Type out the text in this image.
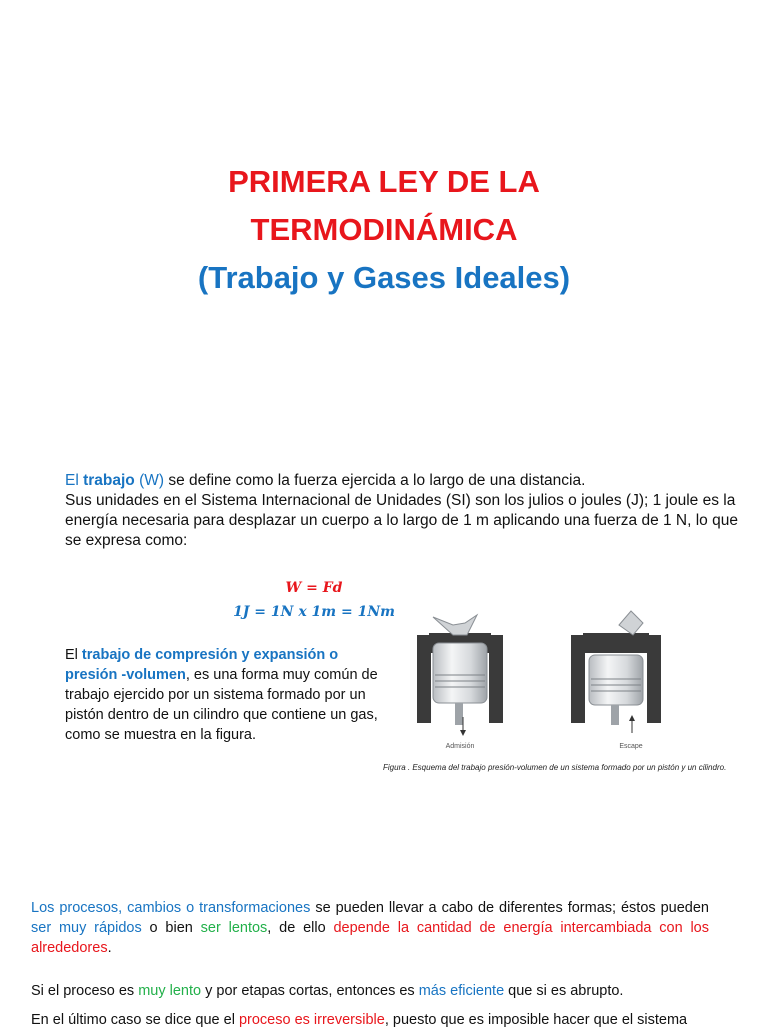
PRIMERA LEY DE LA
TERMODINÁMICA
(Trabajo y Gases Ideales)
El trabajo (W) se define como la fuerza ejercida a lo largo de una distancia.
Sus unidades en el Sistema Internacional de Unidades (SI) son los julios o joules (J); 1 joule es la energía necesaria para desplazar un cuerpo a lo largo de 1 m aplicando una fuerza de 1 N, lo que se expresa como:
W = Fd
1J = 1N x 1m = 1Nm
El trabajo de compresión y expansión o presión -volumen, es una forma muy común de trabajo ejercido por un sistema formado por un pistón dentro de un cilindro que contiene un gas, como se muestra en la figura.
Admisión	Escape
Figura . Esquema del trabajo presión-volumen de un sistema formado por un pistón y un cilindro.
Los procesos, cambios o transformaciones se pueden llevar a cabo de diferentes formas; éstos pueden ser muy rápidos o bien ser lentos, de ello depende la cantidad de energía intercambiada con los alrededores.
Si el proceso es muy lento y por etapas cortas, entonces es más eficiente que si es abrupto.
En el último caso se dice que el proceso es irreversible, puesto que es imposible hacer que el sistema
